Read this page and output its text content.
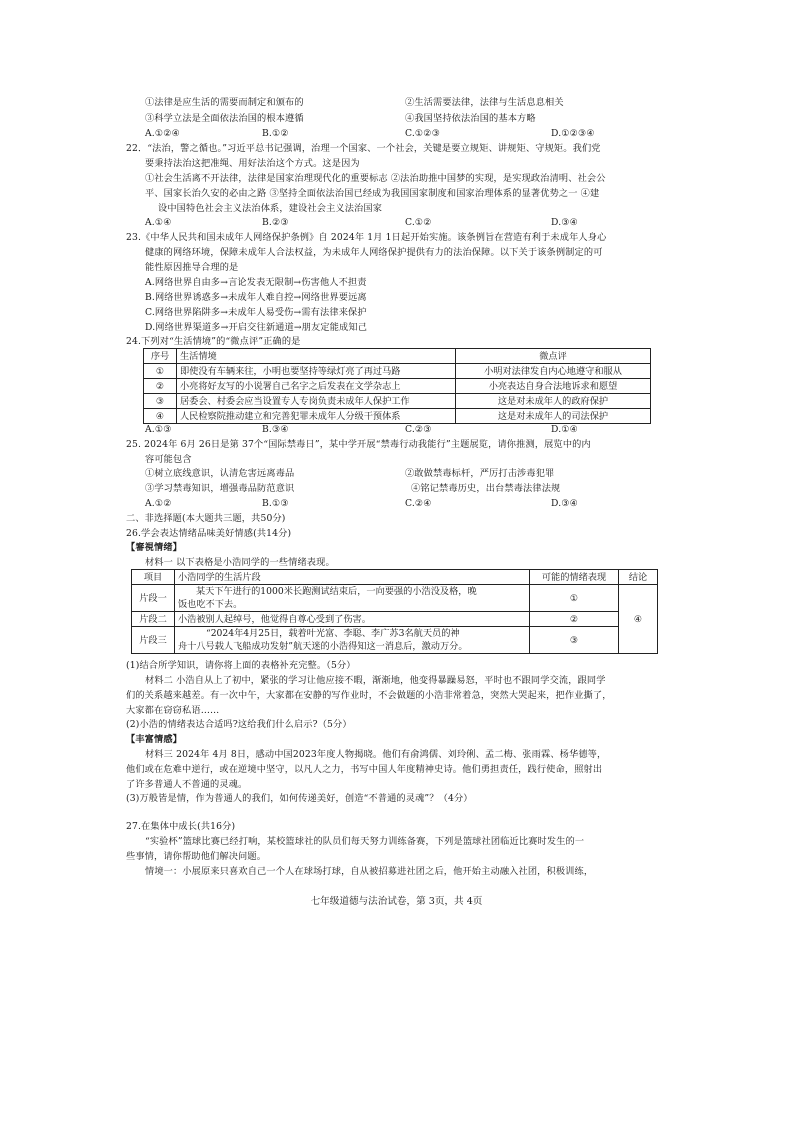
①法律是应生活的需要而制定和颁布的	②生活需要法律，法律与生活息息相关
③科学立法是全面依法治国的根本遵循	④我国坚持依法治国的基本方略
A.①②④	B.①②	C.①②③	D.①②③④
22．“法治，警之循也。”习近平总书记强调，治理一个国家、一个社会，关键是要立规矩、讲规矩、守规矩。我们党
要秉持法治这把准绳、用好法治这个方式。这是因为
①社会生活离不开法律，法律是国家治理现代化的重要标志 ②法治助推中国梦的实现，是实现政治清明、社会公
平、国家长治久安的必由之路 ③坚持全面依法治国已经成为我国国家制度和国家治理体系的显著优势之一 ④建
设中国特色社会主义法治体系，建设社会主义法治国家
A.①④	B.②③	C.①②	D.③④
23.《中华人民共和国未成年人网络保护条例》自 2024年 1月 1日起开始实施。该条例旨在营造有利于未成年人身心
健康的网络环境，保障未成年人合法权益，为未成年人网络保护提供有力的法治保障。以下关于该条例制定的可
能性原因推导合理的是
A.网络世界自由多→言论发表无限制→伤害他人不担责
B.网络世界诱惑多→未成年人难自控→网络世界要远离
C.网络世界陷阱多→未成年人易受伤→需有法律来保护
D.网络世界渠道多→开启交往新通道→朋友定能成知己
24.下列对“生活情境”的“微点评”正确的是
序号	生活情境	微点评
①	即使没有车辆来往，小明也要坚持等绿灯亮了再过马路	小明对法律发自内心地遵守和服从
②	小亮将好友写的小说署自己名字之后发表在文学杂志上	小亮表达自身合法地诉求和愿望
③	居委会、村委会应当设置专人专岗负责未成年人保护工作	这是对未成年人的政府保护
④	人民检察院推动建立和完善犯罪未成年人分级干预体系	这是对未成年人的司法保护
A.①③	B.③④	C.②③	D.①④
25. 2024年 6月 26日是第 37个“国际禁毒日”，某中学开展“禁毒行动我能行”主题展览，请你推测，展览中的内
容可能包含
①树立底线意识，认清危害远离毒品	②敢做禁毒标杆，严厉打击涉毒犯罪
③学习禁毒知识，增强毒品防范意识	④铭记禁毒历史，出台禁毒法律法规
A.①②	B.①③	C.②④	D.③④
二、非选择题(本大题共三题，共50分)
26.学会表达情绪品味美好情感(共14分)
【審視情绪】
材料一 以下表格是小浩同学的一些情绪表现。
项目	小浩同学的生活片段	可能的情绪表现	结论
片段一	某天下午进行的1000米长跑测试结束后，一向要强的小浩没及格，晚
饭也吃不下去。	①	④
片段二	小浩被别人起绰号，他觉得自尊心受到了伤害。	②	
片段三	“2024年4月25日，载着叶光富、李聪、李广苏3名航天员的神
舟十八号载人飞船成功发射”航天迷的小浩得知这一消息后，激动万分。	③	
(1)结合所学知识，请你将上面的表格补充完整。（5分）
材料二 小浩自从上了初中，紧张的学习让他应接不暇，渐渐地，他变得暴躁易怒，平时也不跟同学交流，跟同学
们的关系越来越差。有一次中午，大家都在安静的写作业时，不会做题的小浩非常着急，突然大哭起来，把作业撕了，
大家都在窃窃私语……
(2)小浩的情绪表达合适吗?这给我们什么启示?（5分）
【丰富情感】
材料三 2024年 4月 8日，感动中国2023年度人物揭晓。他们有俞鸿儒、刘玲俐、孟二梅、张雨霖、杨华德等，
他们或在危难中逆行，或在逆境中坚守，以凡人之力，书写中国人年度精神史诗。他们勇担责任，践行使命，照射出
了许多普通人不普通的灵魂。
(3)万般皆是情，作为普通人的我们，如何传递美好，创造“不普通的灵魂”？（4分）
27.在集体中成长(共16分)
“实验杯”篮球比赛已经打响，某校篮球社的队员们每天努力训练备赛，下列是篮球社团临近比赛时发生的一
些事情，请你帮助他们解决问题。
情境一：小展原来只喜欢自己一个人在球场打球，自从被招募进社团之后，他开始主动融入社团，积极训练，
七年级道德与法治试卷，第 3页，共 4页
